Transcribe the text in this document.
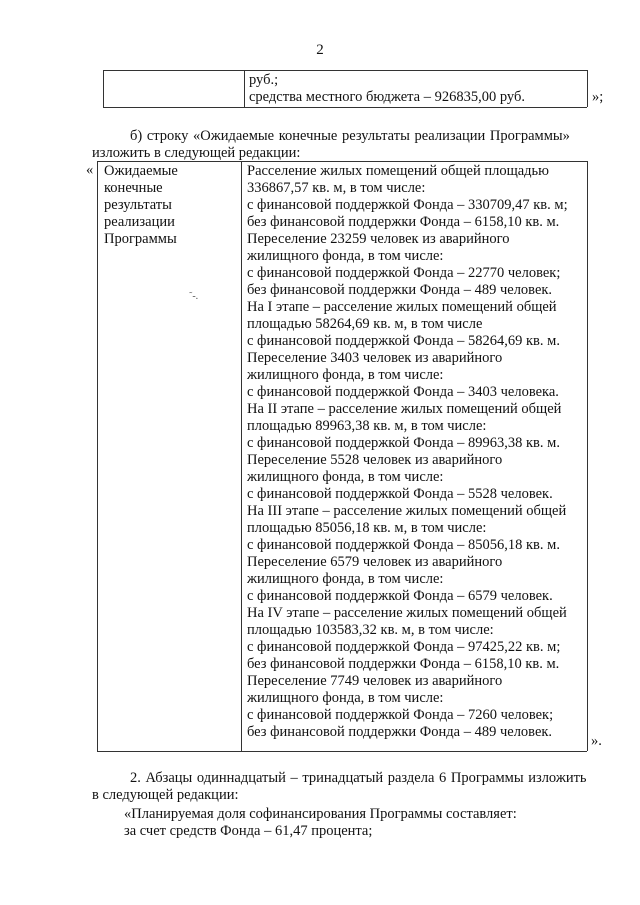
2
руб.;
средства местного бюджета – 926835,00 руб.	»;
б) строку «Ожидаемые конечные результаты реализации Программы»
изложить в следующей редакции:
« Ожидаемые
конечные
результаты
реализации
Программы
˜‐.
Расселение жилых помещений общей площадью
336867,57 кв. м, в том числе:
с финансовой поддержкой Фонда – 330709,47 кв. м;
без финансовой поддержки Фонда – 6158,10 кв. м.
Переселение 23259 человек из аварийного
жилищного фонда, в том числе:
с финансовой поддержкой Фонда – 22770 человек;
без финансовой поддержки Фонда – 489 человек.
На I этапе – расселение жилых помещений общей
площадью 58264,69 кв. м, в том числе
с финансовой поддержкой Фонда – 58264,69 кв. м.
Переселение 3403 человек из аварийного
жилищного фонда, в том числе:
с финансовой поддержкой Фонда – 3403 человека.
На II этапе – расселение жилых помещений общей
площадью 89963,38 кв. м, в том числе:
с финансовой поддержкой Фонда – 89963,38 кв. м.
Переселение 5528 человек из аварийного
жилищного фонда, в том числе:
с финансовой поддержкой Фонда – 5528 человек.
На III этапе – расселение жилых помещений общей
площадью 85056,18 кв. м, в том числе:
с финансовой поддержкой Фонда – 85056,18 кв. м.
Переселение 6579 человек из аварийного
жилищного фонда, в том числе:
с финансовой поддержкой Фонда – 6579 человек.
На IV этапе – расселение жилых помещений общей
площадью 103583,32 кв. м, в том числе:
с финансовой поддержкой Фонда – 97425,22 кв. м;
без финансовой поддержки Фонда – 6158,10 кв. м.
Переселение 7749 человек из аварийного
жилищного фонда, в том числе:
с финансовой поддержкой Фонда – 7260 человек;
без финансовой поддержки Фонда – 489 человек.
».
2. Абзацы одиннадцатый – тринадцатый раздела 6 Программы изложить
в следующей редакции:
«Планируемая доля софинансирования Программы составляет:
за счет средств Фонда – 61,47 процента;
